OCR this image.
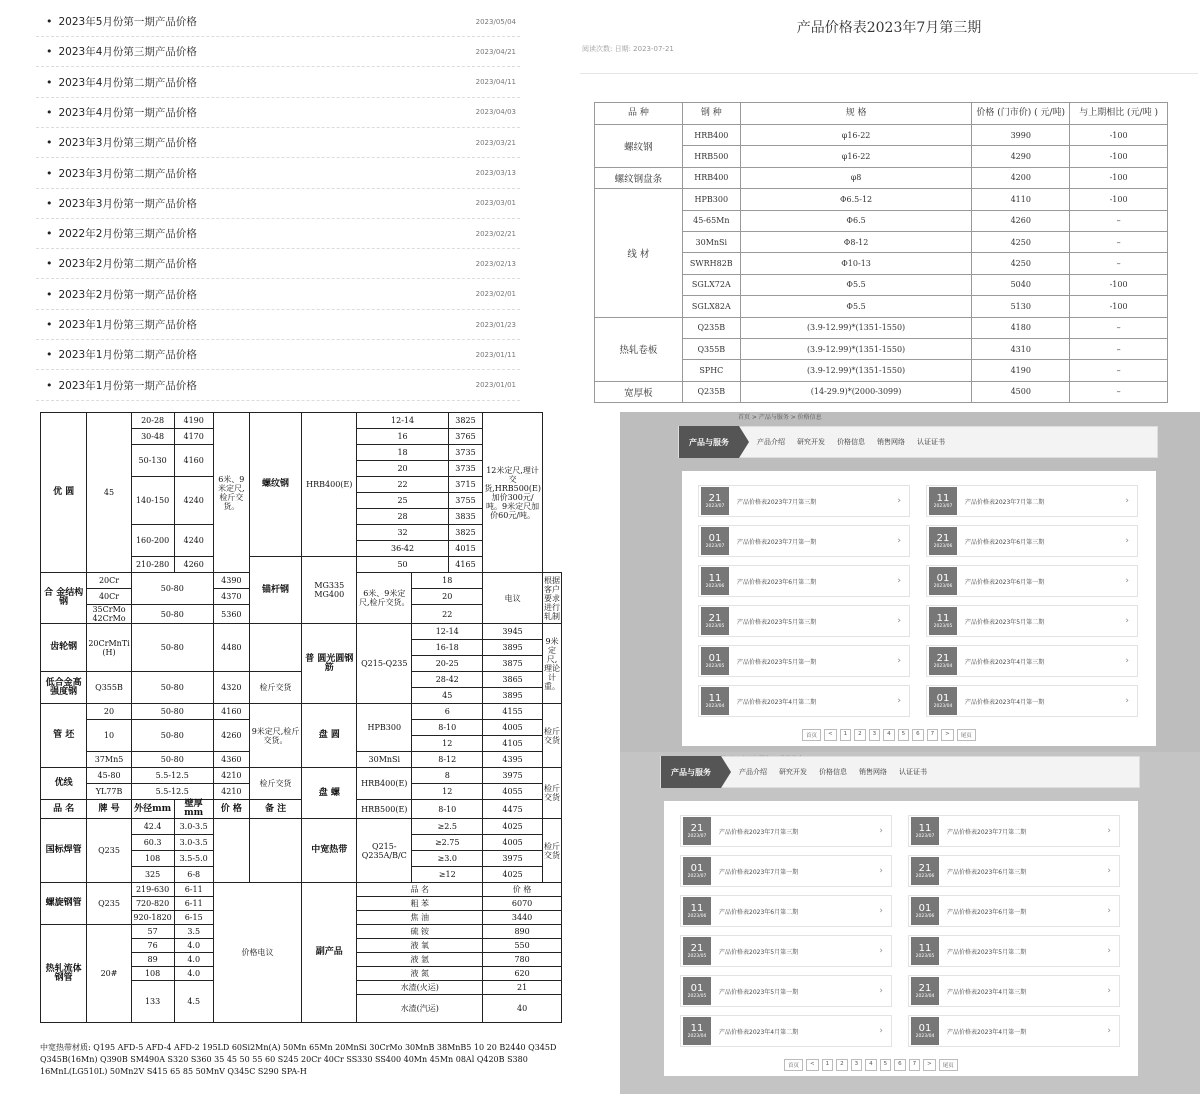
• 2023年5月份第一期产品价格	2023/05/04
• 2023年4月份第三期产品价格	2023/04/21
• 2023年4月份第二期产品价格	2023/04/11
• 2023年4月份第一期产品价格	2023/04/03
• 2023年3月份第三期产品价格	2023/03/21
• 2023年3月份第二期产品价格	2023/03/13
• 2023年3月份第一期产品价格	2023/03/01
• 2022年2月份第三期产品价格	2023/02/21
• 2023年2月份第二期产品价格	2023/02/13
• 2023年2月份第一期产品价格	2023/02/01
• 2023年1月份第三期产品价格	2023/01/23
• 2023年1月份第二期产品价格	2023/01/11
• 2023年1月份第一期产品价格	2023/01/01
产品价格表2023年7月第三期
阅读次数: 日期: 2023-07-21
品 种	钢 种	规 格	价格 (门市价) ( 元/吨)	与上期相比 (元/吨 )
螺纹钢	HRB400	φ16-22	3990	-100
	HRB500	φ16-22	4290	-100
螺纹钢盘条	HRB400	φ8	4200	-100
线 材	HPB300	Φ6.5-12	4110	-100
	45-65Mn	Φ6.5	4260	–
	30MnSi	Φ8-12	4250	–
	SWRH82B	Φ10-13	4250	–
	SGLX72A	Φ5.5	5040	-100
	SGLX82A	Φ5.5	5130	-100
热轧卷板	Q235B	(3.9-12.99)*(1351-1550)	4180	–
	Q355B	(3.9-12.99)*(1351-1550)	4310	–
	SPHC	(3.9-12.99)*(1351-1550)	4190	–
宽厚板	Q235B	(14-29.9)*(2000-3099)	4500	–
优 圆	45	20-28	4190	6米、9米定尺,检斤交货。	螺纹钢	HRB400(E)	12-14		3825	12米定尺,理计交货,HRB500(E)加价300元/吨。9米定尺加价60元/吨。	
		30-48	4170				16		3765		
		50-130	4160				18		3735		
							20		3735		
		140-150	4240				22		3715		
							25		3755		
							28		3835		
		160-200	4240				32		3825		
							36-42		4015		
		210-280	4260		锚杆钢	MG335 MG400	50		4165		
合 金结构钢	20Cr	50-80		4390			6米、9米定尺,检斤交货。	18		电议	根据客户要求进行轧制
	40Cr			4370				20			
	35CrMo 42CrMo	50-80		5360				22			
齿轮钢	20CrMnTi (H)	50-80		4480		普 圆光圆钢筋	Q215-Q235	12-14		3945	9米定尺,理论计重。
								16-18		3895	
								20-25		3875	
低合金高强度钢	Q355B	50-80		4320	检斤交货			28-42		3865	
								45		3895	
管 坯	20	50-80		4160	9米定尺,检斤交货。	盘 圆	HPB300	6		4155	检斤交货
	10	50-80		4260				8-10		4005	
								12		4105	
	37Mn5	50-80		4360			30MnSi	8-12		4395	
优线	45-80	5.5-12.5		4210	检斤交货	盘 螺	HRB400(E)	8		3975	检斤交货
	YL77B	5.5-12.5		4210				12		4055	
品 名	牌 号	外径mm	壁厚mm	价 格	备 注		HRB500(E)	8-10		4475	
国标焊管	Q235	42.4	3.0-3.5			中宽热带	Q215-Q235A/B/C	≥2.5		4025	检斤交货
		60.3	3.0-3.5					≥2.75		4005	
		108	3.5-5.0					≥3.0		3975	
		325	6-8					≥12		4025	
螺旋钢管	Q235	219-630	6-11	价格电议		副产品	品 名			价 格	
		720-820	6-11				粗 苯			6070	
		920-1820	6-15				焦 油			3440	
热轧流体钢管	20#	57	3.5				硫 铵			890	
		76	4.0				液 氧			550	
		89	4.0				液 氩			780	
		108	4.0				液 氮			620	
		133	4.5				水渣(火运)			21	
							水渣(汽运)			40	
中宽热带材质: Q195 AFD-5 AFD-4 AFD-2 195LD 60Si2Mn(A) 50Mn 65Mn 20MnSi 30CrMo 30MnB 38MnB5 10 20 B2440 Q345D Q345B(16Mn) Q390B SM490A S320 S360 35 45 50 55 60 S245 20Cr 40Cr SS330 SS400 40Mn 45Mn 08Al Q420B S380 16MnL(LG510L) 50Mn2V S415 65 85 50MnV Q345C S290 SPA-H
首页 > 产品与服务 > 价格信息
产品与服务	产品介绍 研究开发 价格信息 销售网络 认证证书
21
2023/07
产品价格表2023年7月第三期	›	11
2023/07
产品价格表2023年7月第二期	›
01
2023/07
产品价格表2023年7月第一期	›	21
2023/06
产品价格表2023年6月第三期	›
11
2023/06
产品价格表2023年6月第二期	›	01
2023/06
产品价格表2023年6月第一期	›
21
2023/05
产品价格表2023年5月第三期	›	11
2023/05
产品价格表2023年5月第二期	›
01
2023/05
产品价格表2023年5月第一期	›	21
2023/04
产品价格表2023年4月第三期	›
11
2023/04
产品价格表2023年4月第二期	›	01
2023/04
产品价格表2023年4月第一期	›
首页	<	1	2	3	4	5	6	7	>	尾页
产品与服务	产品介绍 研究开发 价格信息 销售网络 认证证书
21
2023/07
产品价格表2023年7月第三期	›	11
2023/07
产品价格表2023年7月第二期	›
01
2023/07
产品价格表2023年7月第一期	›	21
2023/06
产品价格表2023年6月第三期	›
11
2023/06
产品价格表2023年6月第二期	›	01
2023/06
产品价格表2023年6月第一期	›
21
2023/05
产品价格表2023年5月第三期	›	11
2023/05
产品价格表2023年5月第二期	›
01
2023/05
产品价格表2023年5月第一期	›	21
2023/04
产品价格表2023年4月第三期	›
11
2023/04
产品价格表2023年4月第二期	›	01
2023/04
产品价格表2023年4月第一期	›
首页	<	1	2	3	4	5	6	7	>	尾页
